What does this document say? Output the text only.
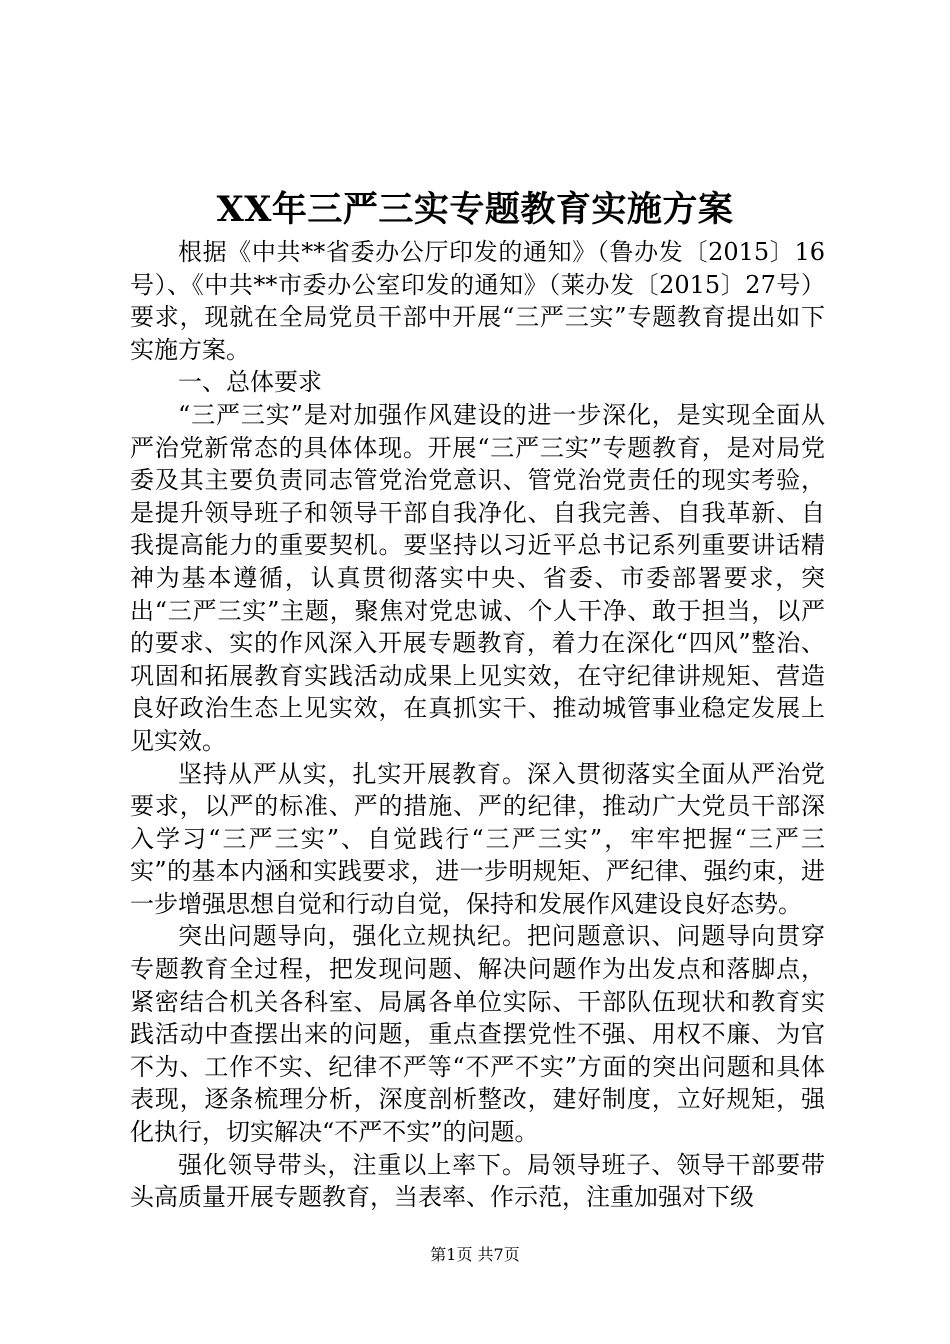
XX年三严三实专题教育实施方案

根据《中共**省委办公厅印发的通知》（鲁办发〔2015〕16号）、《中共**市委办公室印发的通知》（莱办发〔2015〕27号）要求，现就在全局党员干部中开展“三严三实”专题教育提出如下实施方案。

一、总体要求

“三严三实”是对加强作风建设的进一步深化，是实现全面从严治党新常态的具体体现。开展“三严三实”专题教育，是对局党委及其主要负责同志管党治党意识、管党治党责任的现实考验，是提升领导班子和领导干部自我净化、自我完善、自我革新、自我提高能力的重要契机。要坚持以习近平总书记系列重要讲话精神为基本遵循，认真贯彻落实中央、省委、市委部署要求，突出“三严三实”主题，聚焦对党忠诚、个人干净、敢于担当，以严的要求、实的作风深入开展专题教育，着力在深化“四风”整治、巩固和拓展教育实践活动成果上见实效，在守纪律讲规矩、营造良好政治生态上见实效，在真抓实干、推动城管事业稳定发展上见实效。

坚持从严从实，扎实开展教育。深入贯彻落实全面从严治党要求，以严的标准、严的措施、严的纪律，推动广大党员干部深入学习“三严三实”、自觉践行“三严三实”，牢牢把握“三严三实”的基本内涵和实践要求，进一步明规矩、严纪律、强约束，进一步增强思想自觉和行动自觉，保持和发展作风建设良好态势。

突出问题导向，强化立规执纪。把问题意识、问题导向贯穿专题教育全过程，把发现问题、解决问题作为出发点和落脚点，紧密结合机关各科室、局属各单位实际、干部队伍现状和教育实践活动中查摆出来的问题，重点查摆党性不强、用权不廉、为官不为、工作不实、纪律不严等“不严不实”方面的突出问题和具体表现，逐条梳理分析，深度剖析整改，建好制度，立好规矩，强化执行，切实解决“不严不实”的问题。

强化领导带头，注重以上率下。局领导班子、领导干部要带头高质量开展专题教育，当表率、作示范，注重加强对下级

第1页 共7页
